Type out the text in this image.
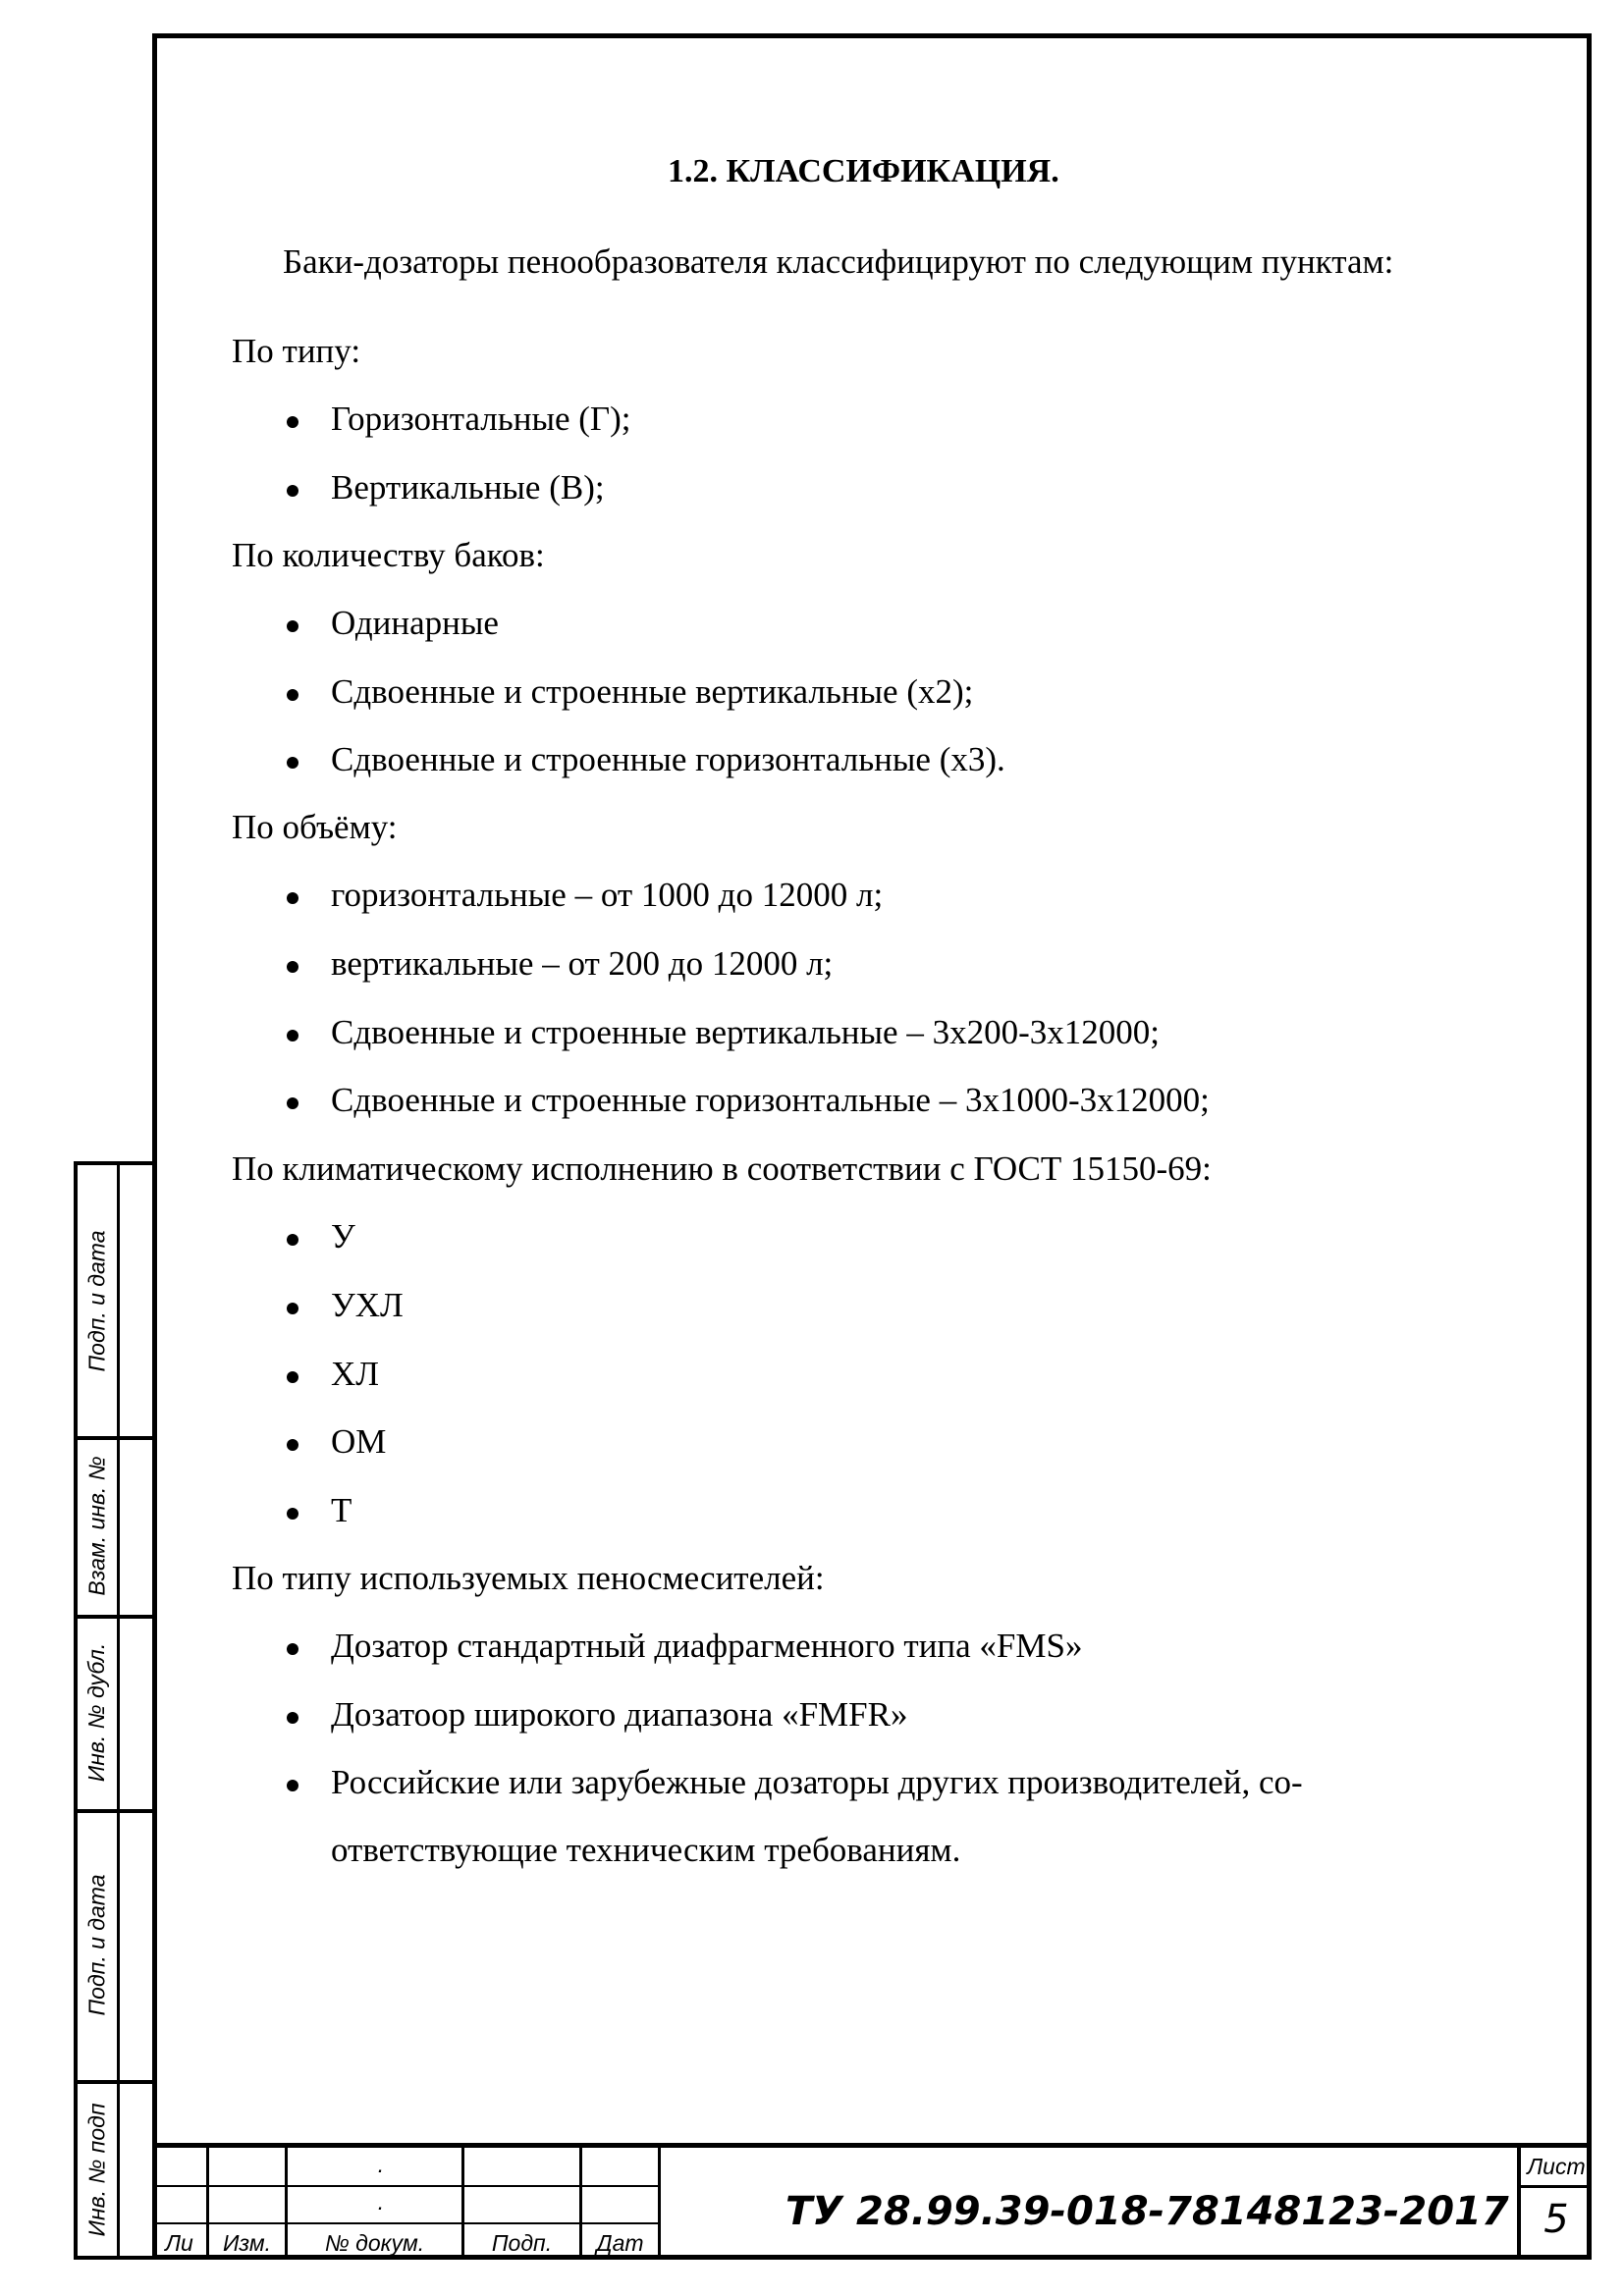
Подп. и дата
Взам. инв. №
Инв. № дубл.
Подп. и дата
Инв. № подп
1.2. КЛАССИФИКАЦИЯ.
Баки-дозаторы пенообразователя классифицируют по следующим пунктам:
По типу:
Горизонтальные (Г);
Вертикальные (В);
По количеству баков:
Одинарные
Сдвоенные и строенные вертикальные (х2);
Сдвоенные и строенные горизонтальные (х3).
По объёму:
горизонтальные – от 1000 до 12000 л;
вертикальные – от 200 до 12000 л;
Сдвоенные и строенные вертикальные – 3х200-3х12000;
Сдвоенные и строенные горизонтальные – 3х1000-3х12000;
По климатическому исполнению в соответствии с ГОСТ 15150-69:
У
УХЛ
ХЛ
ОМ
Т
По типу используемых пеносмесителей:
Дозатор стандартный диафрагменного типа «FMS»
Дозатоор широкого диапазона «FMFR»
Российские или зарубежные дозаторы других производителей, со-
ответствующие техническим требованиям.
.
.
Ли	Изм.	№ докум.	Подп.	Дат
ТУ 28.99.39-018-78148123-2017
Лист
5
